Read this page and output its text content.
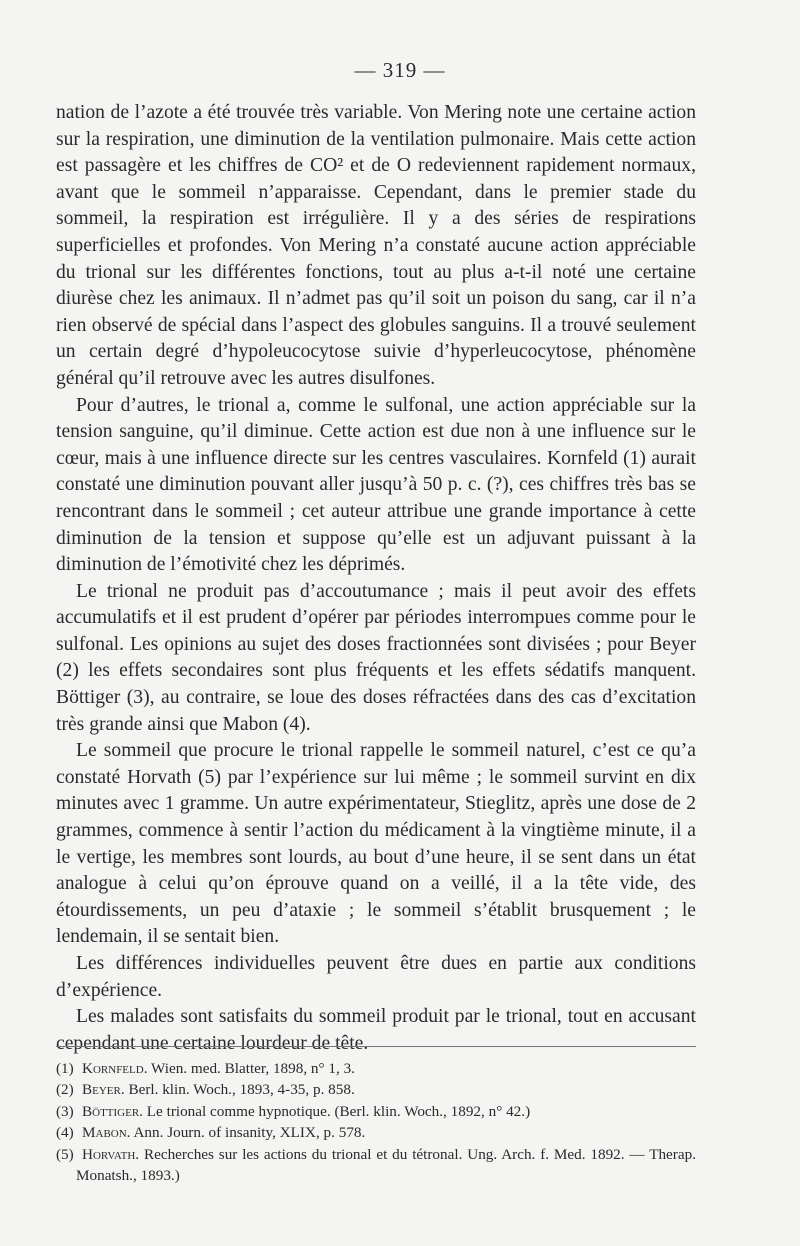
— 319 —

nation de l’azote a été trouvée très variable. Von Mering note une certaine action sur la respiration, une diminution de la ventilation pulmonaire. Mais cette action est passagère et les chiffres de CO² et de O redeviennent rapidement normaux, avant que le sommeil n’apparaisse. Cependant, dans le premier stade du sommeil, la respiration est irrégulière. Il y a des séries de respirations superficielles et profondes. Von Mering n’a constaté aucune action appréciable du trional sur les différentes fonctions, tout au plus a-t-il noté une certaine diurèse chez les animaux. Il n’admet pas qu’il soit un poison du sang, car il n’a rien observé de spécial dans l’aspect des globules sanguins. Il a trouvé seulement un certain degré d’hypoleucocytose suivie d’hyperleucocytose, phénomène général qu’il retrouve avec les autres disulfones.

Pour d’autres, le trional a, comme le sulfonal, une action appréciable sur la tension sanguine, qu’il diminue. Cette action est due non à une influence sur le cœur, mais à une influence directe sur les centres vasculaires. Kornfeld (1) aurait constaté une diminution pouvant aller jusqu’à 50 p. c. (?), ces chiffres très bas se rencontrant dans le sommeil ; cet auteur attribue une grande importance à cette diminution de la tension et suppose qu’elle est un adjuvant puissant à la diminution de l’émotivité chez les déprimés.

Le trional ne produit pas d’accoutumance ; mais il peut avoir des effets accumulatifs et il est prudent d’opérer par périodes interrompues comme pour le sulfonal. Les opinions au sujet des doses fractionnées sont divisées ; pour Beyer (2) les effets secondaires sont plus fréquents et les effets sédatifs manquent. Böttiger (3), au contraire, se loue des doses réfractées dans des cas d’excitation très grande ainsi que Mabon (4).

Le sommeil que procure le trional rappelle le sommeil naturel, c’est ce qu’a constaté Horvath (5) par l’expérience sur lui même ; le sommeil survint en dix minutes avec 1 gramme. Un autre expérimentateur, Stieglitz, après une dose de 2 grammes, commence à sentir l’action du médicament à la vingtième minute, il a le vertige, les membres sont lourds, au bout d’une heure, il se sent dans un état analogue à celui qu’on éprouve quand on a veillé, il a la tête vide, des étourdissements, un peu d’ataxie ; le sommeil s’établit brusquement ; le lendemain, il se sentait bien.

Les différences individuelles peuvent être dues en partie aux conditions d’expérience.

Les malades sont satisfaits du sommeil produit par le trional, tout en accusant cependant une certaine lourdeur de tête.

(1) Kornfeld. Wien. med. Blatter, 1898, n° 1, 3.

(2) Beyer. Berl. klin. Woch., 1893, 4-35, p. 858.

(3) Böttiger. Le trional comme hypnotique. (Berl. klin. Woch., 1892, n° 42.)

(4) Mabon. Ann. Journ. of insanity, XLIX, p. 578.

(5) Horvath. Recherches sur les actions du trional et du tétronal. Ung. Arch. f. Med. 1892. — Therap. Monatsh., 1893.)
